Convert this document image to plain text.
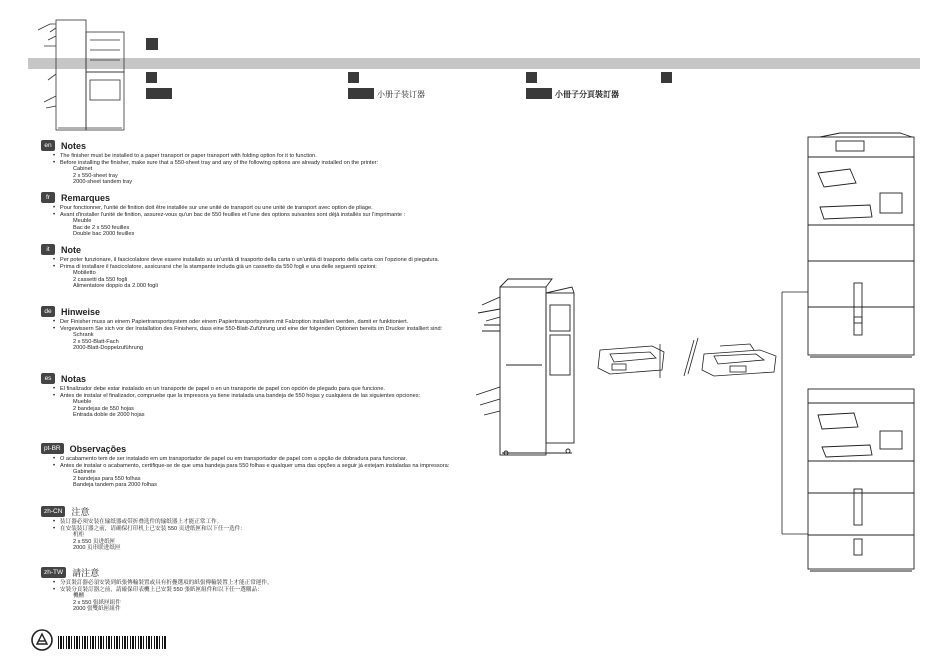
小册子装订器	小冊子分頁裝訂器
en	Notes
• The finisher must be installed to a paper transport or paper transport with folding option for it to function.
• Before installing the finisher, make sure that a 550-sheet tray and any of the following options are already installed on the printer:
Cabinet
2 x 550-sheet tray
2000-sheet tandem tray
fr	Remarques
• Pour fonctionner, l'unité de finition doit être installée sur une unité de transport ou une unité de transport avec option de pliage.
• Avant d'installer l'unité de finition, assurez-vous qu'un bac de 550 feuilles et l'une des options suivantes sont déjà installés sur l'imprimante :
Meuble
Bac de 2 x 550 feuilles
Double bac 2000 feuilles
it	Note
• Per poter funzionare, il fascicolatore deve essere installato su un'unità di trasporto della carta o un'unità di trasporto della carta con l'opzione di piegatura.
• Prima di installare il fascicolatore, assicurarsi che la stampante includa già un cassetto da 550 fogli e una delle seguenti opzioni:
Mobiletto
2 cassetti da 550 fogli
Alimentatore doppio da 2.000 fogli
de	Hinweise
• Der Finisher muss an einem Papiertransportsystem oder einem Papiertransportsystem mit Falzoption installiert werden, damit er funktioniert.
• Vergewissern Sie sich vor der Installation des Finishers, dass eine 550-Blatt-Zuführung und eine der folgenden Optionen bereits im Drucker installiert sind:
Schrank
2 x 550-Blatt-Fach
2000-Blatt-Doppelzuführung
es	Notas
• El finalizador debe estar instalado en un transporte de papel o en un transporte de papel con opción de plegado para que funcione.
• Antes de instalar el finalizador, compruebe que la impresora ya tiene instalada una bandeja de 550 hojas y cualquiera de las siguientes opciones:
Mueble
2 bandejas de 550 hojas
Entrada doble de 2000 hojas
pt-BR	Observações
• O acabamento tem de ser instalado em um transportador de papel ou em transportador de papel com a opção de dobradura para funcionar.
• Antes de instalar o acabamento, certifique-se de que uma bandeja para 550 folhas e qualquer uma das opções a seguir já estejam instaladas na impressora:
Gabinete
2 bandejas para 550 folhas
Bandeja tandem para 2000 folhas
zh-CN	注意
• 装订器必须安装在输纸器或带折叠选件的输纸器上才能正常工作。
• 在安装装订器之前，请确保打印机上已安装 550 页进纸匣和以下任一选件：
机柜
2 x 550 页进纸匣
2000 页串联进纸匣
zh-TW	請注意
• 分頁裝訂器必須安裝到紙張傳輸裝置或具有折疊選項的紙張傳輸裝置上才能正常運作。
• 安裝分頁裝訂器之前，請確保印表機上已安裝 550 張紙匣組件和以下任一選購品：
機櫃
2 x 550 張紙匣組件
2000 張雙紙匣組件
